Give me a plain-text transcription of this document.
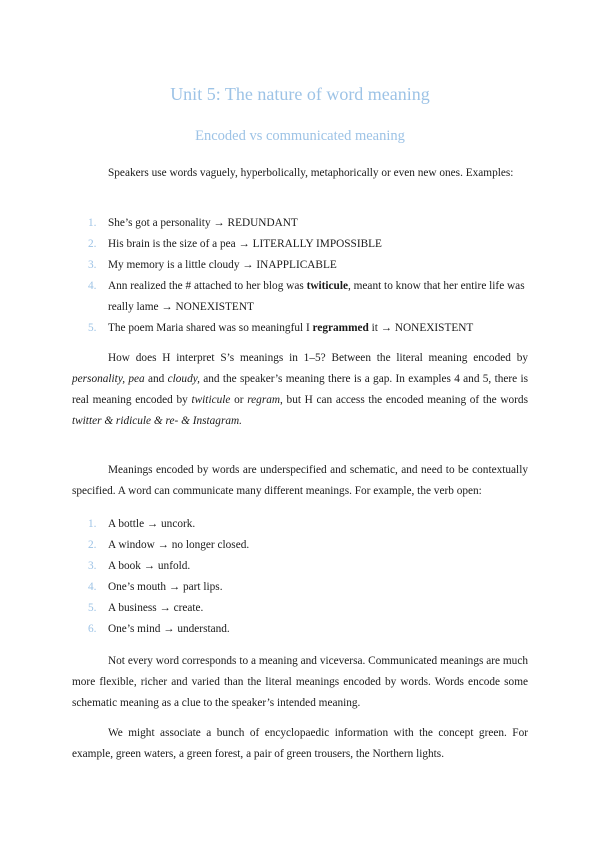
Unit 5: The nature of word meaning
Encoded vs communicated meaning
Speakers use words vaguely, hyperbolically, metaphorically or even new ones. Examples:
1. She’s got a personality → REDUNDANT
2. His brain is the size of a pea → LITERALLY IMPOSSIBLE
3. My memory is a little cloudy → INAPPLICABLE
4. Ann realized the # attached to her blog was twiticule, meant to know that her entire life was really lame → NONEXISTENT
5. The poem Maria shared was so meaningful I regrammed it → NONEXISTENT
How does H interpret S’s meanings in 1–5? Between the literal meaning encoded by personality, pea and cloudy, and the speaker’s meaning there is a gap. In examples 4 and 5, there is real meaning encoded by twiticule or regram, but H can access the encoded meaning of the words twitter & ridicule & re- & Instagram.
Meanings encoded by words are underspecified and schematic, and need to be contextually specified. A word can communicate many different meanings. For example, the verb open:
1. A bottle → uncork.
2. A window → no longer closed.
3. A book → unfold.
4. One’s mouth → part lips.
5. A business → create.
6. One’s mind → understand.
Not every word corresponds to a meaning and viceversa. Communicated meanings are much more flexible, richer and varied than the literal meanings encoded by words. Words encode some schematic meaning as a clue to the speaker’s intended meaning.
We might associate a bunch of encyclopaedic information with the concept green. For example, green waters, a green forest, a pair of green trousers, the Northern lights.
